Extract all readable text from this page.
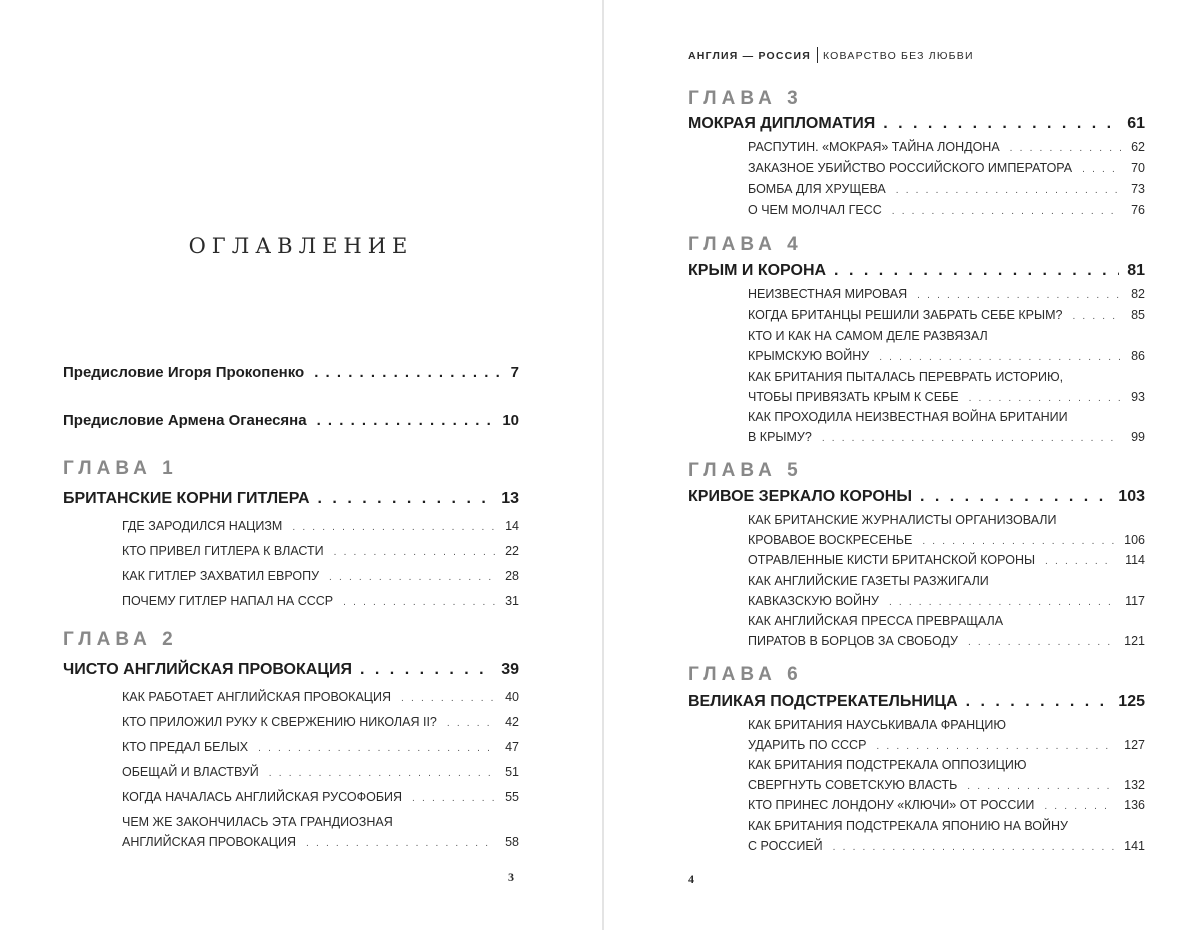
ОГЛАВЛЕНИЕ
Предисловие Игоря Прокопенко . . .	7
Предисловие Армена Оганесяна . . .	10
ГЛАВА 1
БРИТАНСКИЕ КОРНИ ГИТЛЕРА . . .	13
ГДЕ ЗАРОДИЛСЯ НАЦИЗМ . . .	14
КТО ПРИВЕЛ ГИТЛЕРА К ВЛАСТИ . . .	22
КАК ГИТЛЕР ЗАХВАТИЛ ЕВРОПУ . . .	28
ПОЧЕМУ ГИТЛЕР НАПАЛ НА СССР . . .	31
ГЛАВА 2
ЧИСТО АНГЛИЙСКАЯ ПРОВОКАЦИЯ . . .	39
КАК РАБОТАЕТ АНГЛИЙСКАЯ ПРОВОКАЦИЯ . . .	40
КТО ПРИЛОЖИЛ РУКУ К СВЕРЖЕНИЮ НИКОЛАЯ II? . . .	42
КТО ПРЕДАЛ БЕЛЫХ . . .	47
ОБЕЩАЙ И ВЛАСТВУЙ . . .	51
КОГДА НАЧАЛАСЬ АНГЛИЙСКАЯ РУСОФОБИЯ . . .	55
ЧЕМ ЖЕ ЗАКОНЧИЛАСЬ ЭТА ГРАНДИОЗНАЯ
АНГЛИЙСКАЯ ПРОВОКАЦИЯ . . .	58
3
АНГЛИЯ — РОССИЯ КОВАРСТВО БЕЗ ЛЮБВИ
ГЛАВА 3
МОКРАЯ ДИПЛОМАТИЯ . . .	61
РАСПУТИН. «МОКРАЯ» ТАЙНА ЛОНДОНА . . .	62
ЗАКАЗНОЕ УБИЙСТВО РОССИЙСКОГО ИМПЕРАТОРА . . .	70
БОМБА ДЛЯ ХРУЩЕВА . . .	73
О ЧЕМ МОЛЧАЛ ГЕСС . . .	76
ГЛАВА 4
КРЫМ И КОРОНА . . .	81
НЕИЗВЕСТНАЯ МИРОВАЯ . . .	82
КОГДА БРИТАНЦЫ РЕШИЛИ ЗАБРАТЬ СЕБЕ КРЫМ? . . .	85
КТО И КАК НА САМОМ ДЕЛЕ РАЗВЯЗАЛ
КРЫМСКУЮ ВОЙНУ . . .	86
КАК БРИТАНИЯ ПЫТАЛАСЬ ПЕРЕВРАТЬ ИСТОРИЮ,
ЧТОБЫ ПРИВЯЗАТЬ КРЫМ К СЕБЕ . . .	93
КАК ПРОХОДИЛА НЕИЗВЕСТНАЯ ВОЙНА БРИТАНИИ
В КРЫМУ? . . .	99
ГЛАВА 5
КРИВОЕ ЗЕРКАЛО КОРОНЫ . . .	103
КАК БРИТАНСКИЕ ЖУРНАЛИСТЫ ОРГАНИЗОВАЛИ
КРОВАВОЕ ВОСКРЕСЕНЬЕ . . .	106
ОТРАВЛЕННЫЕ КИСТИ БРИТАНСКОЙ КОРОНЫ . . .	114
КАК АНГЛИЙСКИЕ ГАЗЕТЫ РАЗЖИГАЛИ
КАВКАЗСКУЮ ВОЙНУ . . .	117
КАК АНГЛИЙСКАЯ ПРЕССА ПРЕВРАЩАЛА
ПИРАТОВ В БОРЦОВ ЗА СВОБОДУ . . .	121
ГЛАВА 6
ВЕЛИКАЯ ПОДСТРЕКАТЕЛЬНИЦА . . .	125
КАК БРИТАНИЯ НАУСЬКИВАЛА ФРАНЦИЮ
УДАРИТЬ ПО СССР . . .	127
КАК БРИТАНИЯ ПОДСТРЕКАЛА ОППОЗИЦИЮ
СВЕРГНУТЬ СОВЕТСКУЮ ВЛАСТЬ . . .	132
КТО ПРИНЕС ЛОНДОНУ «КЛЮЧИ» ОТ РОССИИ . . .	136
КАК БРИТАНИЯ ПОДСТРЕКАЛА ЯПОНИЮ НА ВОЙНУ
С РОССИЕЙ . . .	141
4
